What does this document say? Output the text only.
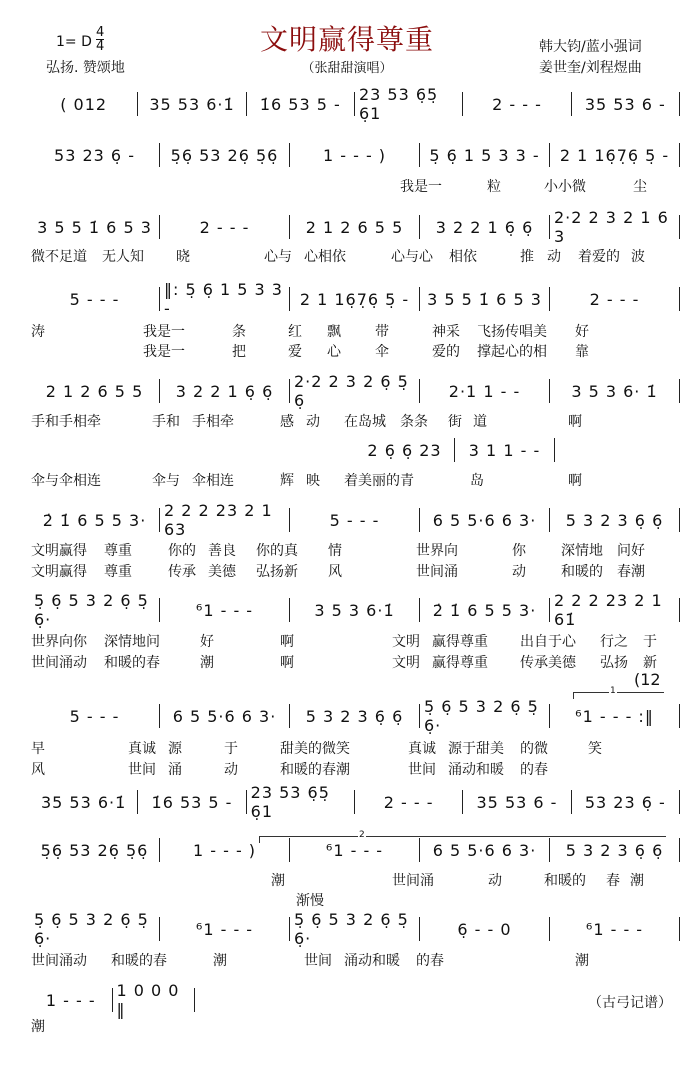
1= D
4
4
弘扬. 赞颂地
文明赢得尊重
（张甜甜演唱）
韩大钧/蓝小强词
姜世奎/刘程煜曲
( 012	35 53 6·1̇	1̇6 53 5 -	23 53 6̣5̣ 6̣1	2 - - -	35 53 6 -
53 23 6̣ -	5̣6̣ 53 26̣ 5̣6̣	1 - - - )	5̣ 6̣ 1 5 3 3 -	2 1 16̣7̣6̣ 5̣ -
3 5 5 1̇ 6 5 3	2 - - -	2 1 2 6 5 5	3 2 2 1 6̣ 6̣	2·2 2 3 2 1 6 3
5 - - -	‖: 5̣ 6̣ 1 5 3 3 -	2 1 16̣7̣6̣ 5̣ -	3 5 5 1̇ 6 5 3	2 - - -
2 1 2 6 5 5	3 2 2 1 6̣ 6̣	2·2 2 3 2 6̣ 5̣ 6̣	2·1 1 - -	3 5 3 6· 1̇
2 6̣ 6̣ 23	3 1 1 - -
2̇ 1̇ 6 5 5 3·	2 2 2 23 2 1 63	5 - - -	6 5 5·6 6 3·	5 3 2 3 6̣ 6̣
5̣ 6̣ 5 3 2 6̣ 5̣ 6̣·	⁶1 - - -	3 5 3 6·1̇	2̇ 1̇ 6 5 5 3·	2 2 2 23 2 1 61̇
5 - - -	6 5 5·6 6 3·	5 3 2 3 6̣ 6̣	5̣ 6̣ 5 3 2 6̣ 5̣ 6̣·	⁶1 - - - :‖
35 53 6·1̇	1̇6 53 5 -	23 53 6̣5̣ 6̣1	2 - - -	35 53 6 -	53 23 6̣ -
5̣6̣ 53 26̣ 5̣6̣	1 - - - )	⁶1 - - -	6 5 5·6 6 3·	5 3 2 3 6̣ 6̣
5̣ 6̣ 5 3 2 6̣ 5̣ 6̣·	⁶1 - - -	5̣ 6̣ 5 3 2 6̣ 5̣ 6̣·	6̣ - - 0	⁶1 - - -
1 - - -	1 0 0 0 ‖
我是一	粒	小小微	尘
微不足道 无人知 晓	心与 心相依	心与心 相依	推 动 着爱的 波
涛	我是一	条	红 飘 带	神采 飞扬传唱美 好
我是一	把	爱 心 伞	爱的 撑起心的相 靠
手和手相牵	手和 手相牵	感 动 在岛城 条条 街 道	啊
伞与伞相连	伞与 伞相连	辉 映 着美丽的青	岛	啊
文明赢得 尊重	你的 善良 你的真 情	世界向	你	深情地 问好
文明赢得 尊重	传承 美德 弘扬新 风	世间涌	动	和暖的 春潮
世界向你 深情地问	好	啊	文明 赢得尊重 出自于心 行之 于
世间涌动 和暖的春	潮	啊	文明 赢得尊重 传承美德 弘扬 新
早	真诚 源	于	甜美的微笑	真诚 源于甜美 的微	笑
风	世间 涌	动	和暖的春潮	世间 涌动和暖 的春
潮	世间涌	动	和暖的 春 潮
渐慢
世间涌动 和暖的春	潮	世间 涌动和暖 的春	潮
潮
(12
1
2
（古弓记谱）
